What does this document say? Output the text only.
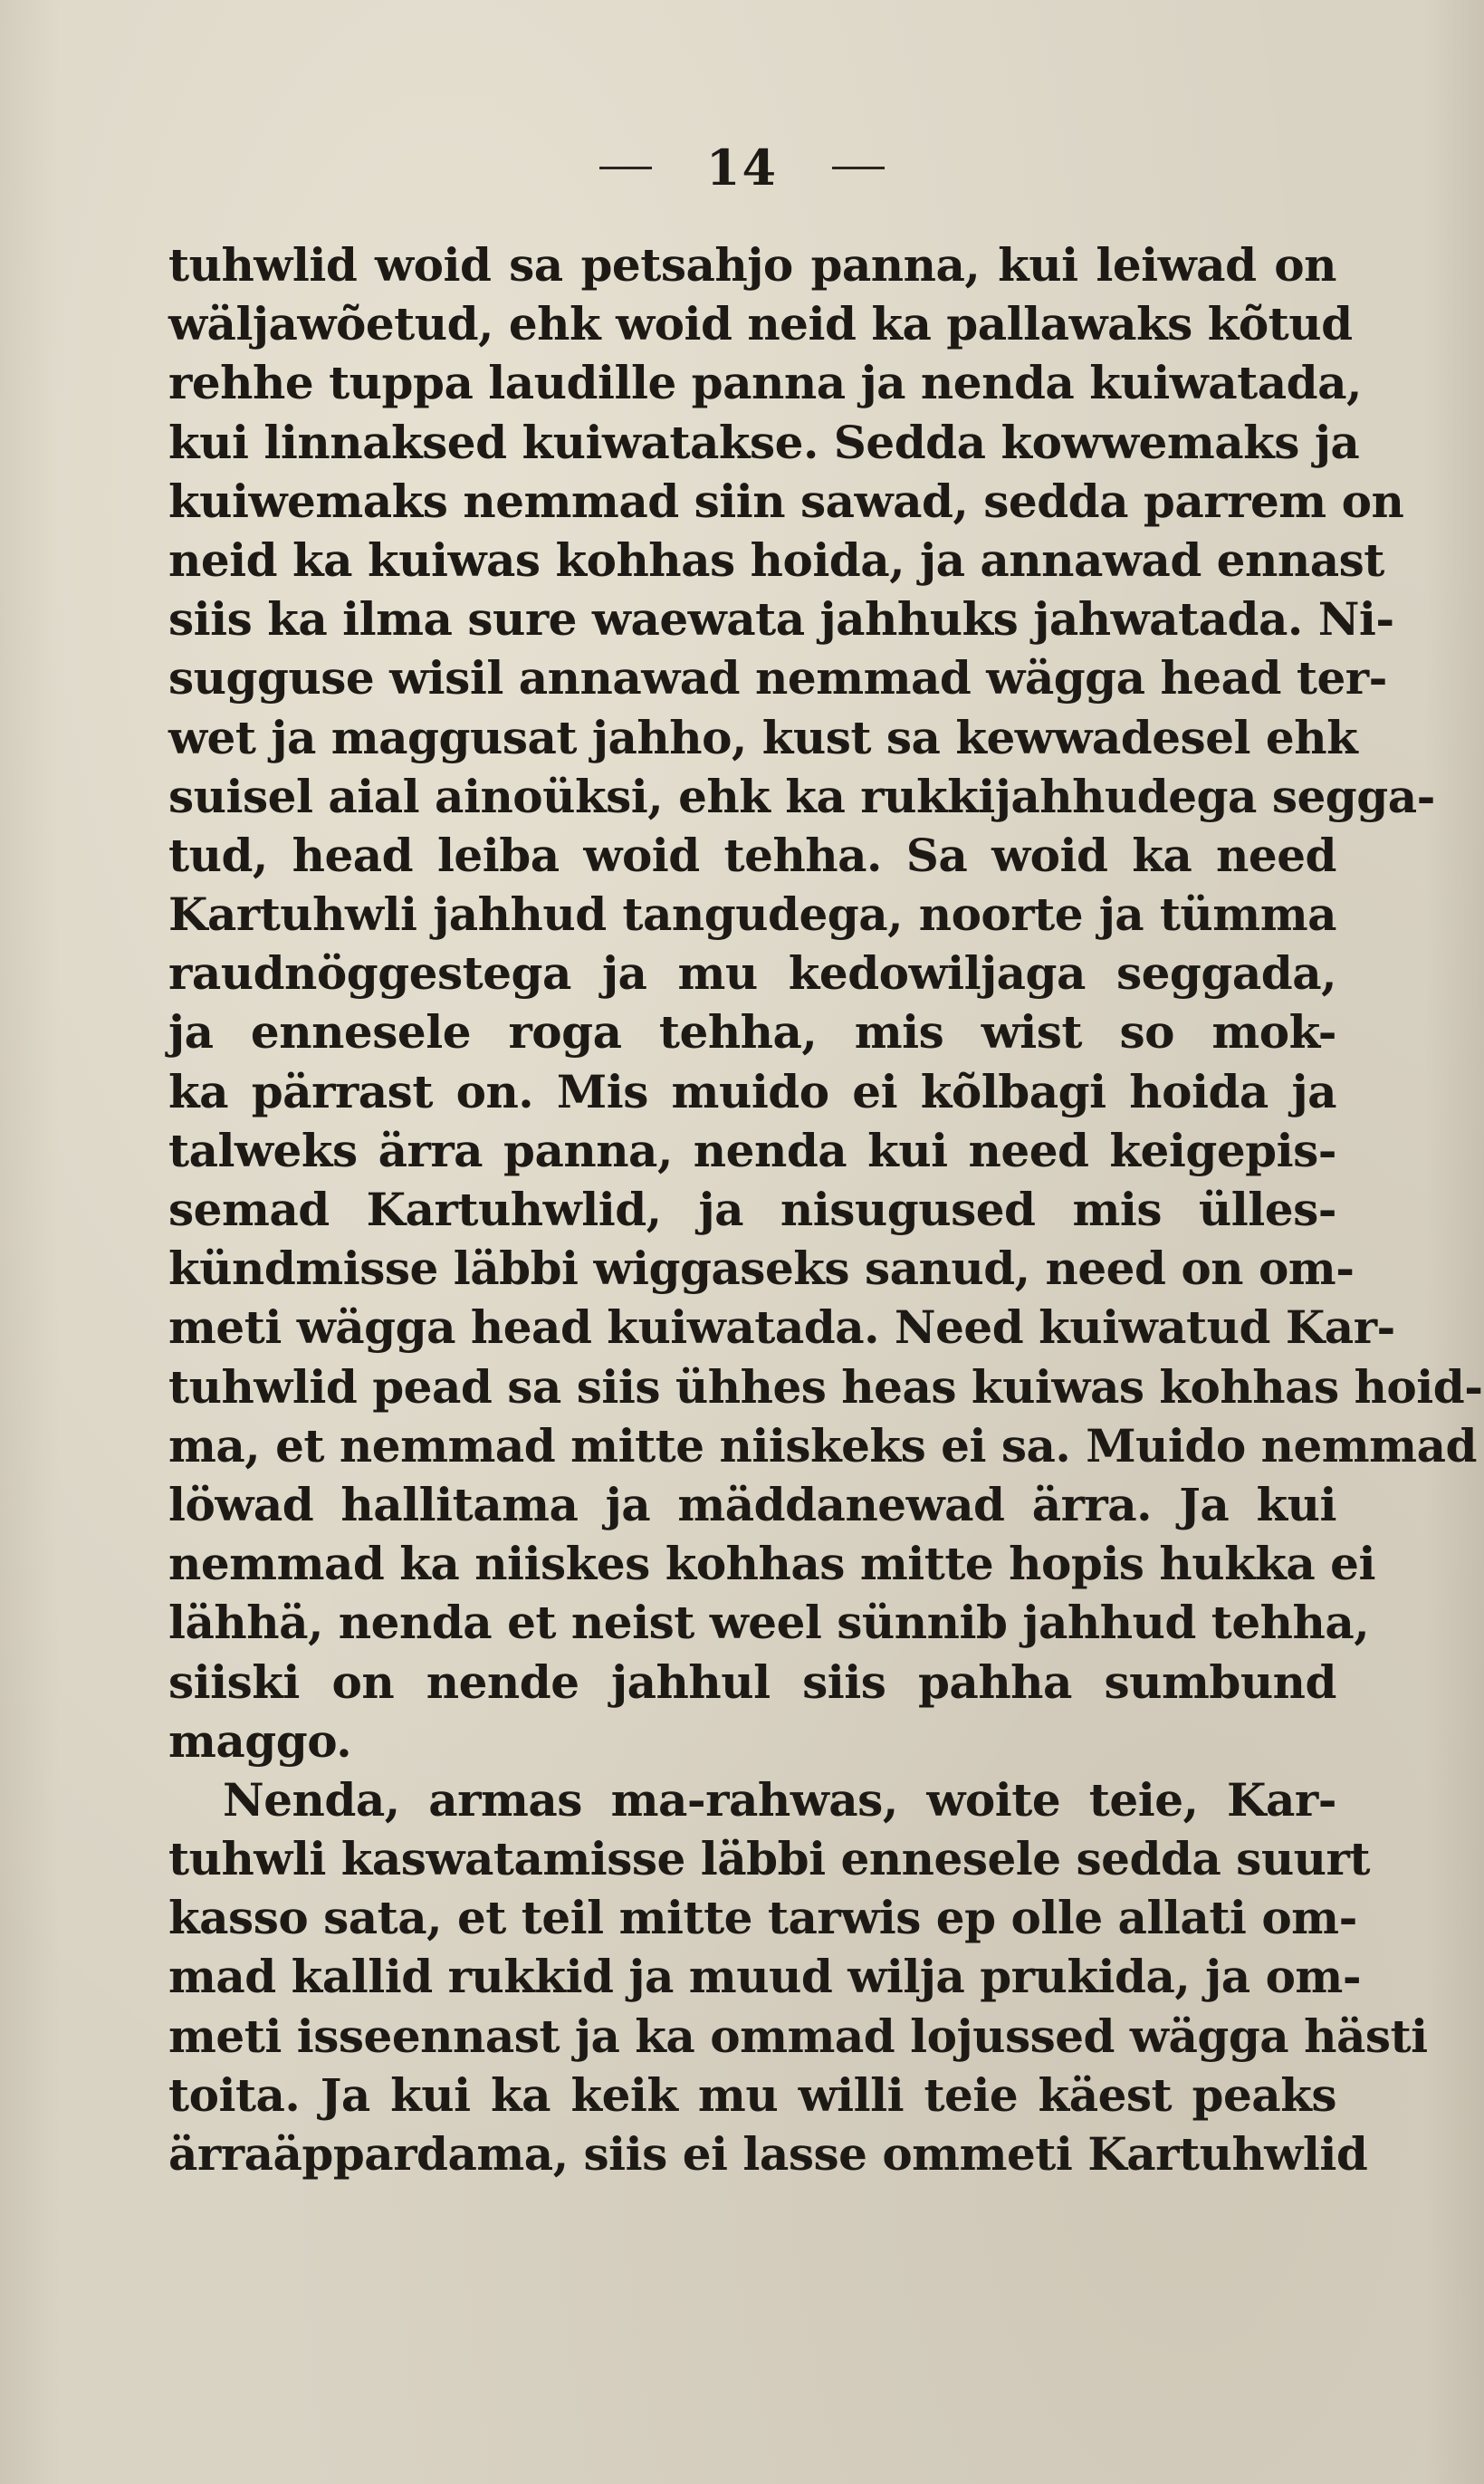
14
tuhwlid woid sa petsahjo panna, kui leiwad on
wäljawõetud, ehk woid neid ka pallawaks kõtud
rehhe tuppa laudille panna ja nenda kuiwatada,
kui linnaksed kuiwatakse. Sedda kowwemaks ja
kuiwemaks nemmad siin sawad, sedda parrem on
neid ka kuiwas kohhas hoida, ja annawad ennast
siis ka ilma sure waewata jahhuks jahwatada. Ni-
sugguse wisil annawad nemmad wägga head ter-
wet ja maggusat jahho, kust sa kewwadesel ehk
suisel aial ainoüksi, ehk ka rukkijahhudega segga-
tud, head leiba woid tehha. Sa woid ka need
Kartuhwli jahhud tangudega, noorte ja tümma
raudnöggestega ja mu kedowiljaga seggada,
ja ennesele roga tehha, mis wist so mok-
ka pärrast on. Mis muido ei kõlbagi hoida ja
talweks ärra panna, nenda kui need keigepis-
semad Kartuhwlid, ja nisugused mis ülles-
kündmisse läbbi wiggaseks sanud, need on om-
meti wägga head kuiwatada. Need kuiwatud Kar-
tuhwlid pead sa siis ühhes heas kuiwas kohhas hoid-
ma, et nemmad mitte niiskeks ei sa. Muido nemmad
löwad hallitama ja mäddanewad ärra. Ja kui
nemmad ka niiskes kohhas mitte hopis hukka ei
lähhä, nenda et neist weel sünnib jahhud tehha,
siiski on nende jahhul siis pahha sumbund
maggo.
Nenda, armas ma-rahwas, woite teie, Kar-
tuhwli kaswatamisse läbbi ennesele sedda suurt
kasso sata, et teil mitte tarwis ep olle allati om-
mad kallid rukkid ja muud wilja prukida, ja om-
meti isseennast ja ka ommad lojussed wägga hästi
toita. Ja kui ka keik mu willi teie käest peaks
ärraäppardama, siis ei lasse ommeti Kartuhwlid
